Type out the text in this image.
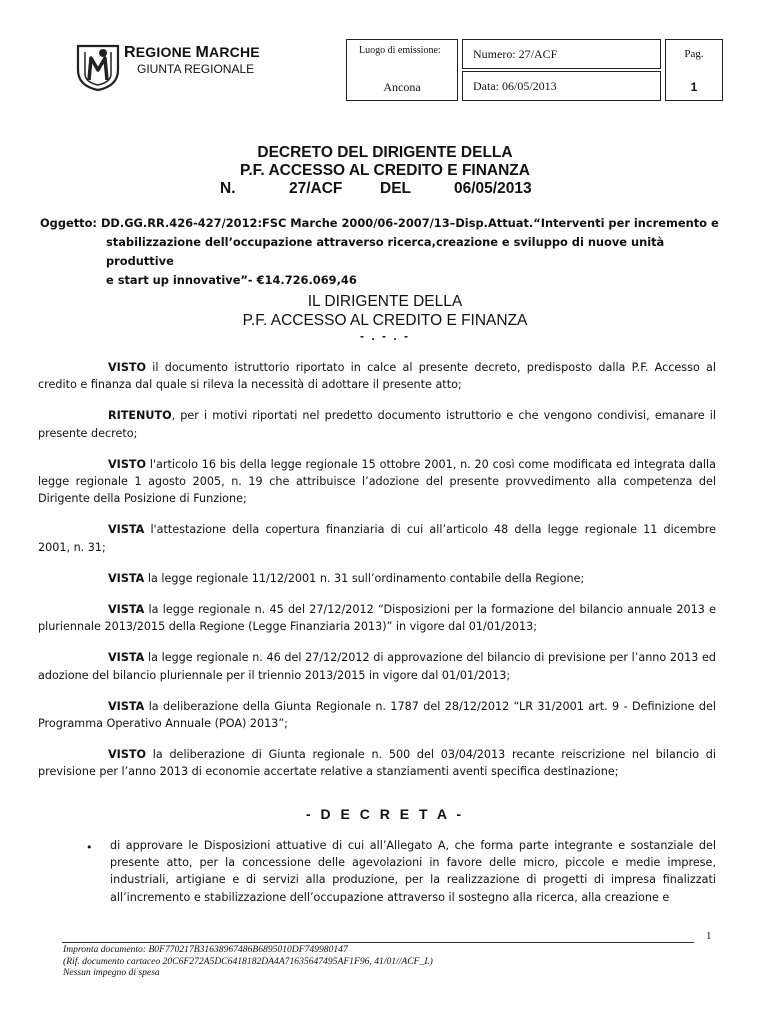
REGIONE MARCHE
GIUNTA REGIONALE
Luogo di emissione:
Ancona
Numero: 27/ACF
Data: 06/05/2013
Pag.
1
DECRETO DEL DIRIGENTE DELLA
P.F. ACCESSO AL CREDITO E FINANZA
N.	27/ACF DEL	06/05/2013
Oggetto: DD.GG.RR.426-427/2012:FSC Marche 2000/06-2007/13–Disp.Attuat.“Interventi per incremento e
stabilizzazione dell’occupazione attraverso ricerca,creazione e sviluppo di nuove unità produttive
e start up innovative”- €14.726.069,46
IL DIRIGENTE DELLA
P.F. ACCESSO AL CREDITO E FINANZA
- . - . -

VISTO il documento istruttorio riportato in calce al presente decreto, predisposto dalla P.F. Accesso al credito e finanza dal quale si rileva la necessità di adottare il presente atto;

RITENUTO, per i motivi riportati nel predetto documento istruttorio e che vengono condivisi, emanare il presente decreto;

VISTO l'articolo 16 bis della legge regionale 15 ottobre 2001, n. 20 così come modificata ed integrata dalla legge regionale 1 agosto 2005, n. 19 che attribuisce l’adozione del presente provvedimento alla competenza del Dirigente della Posizione di Funzione;

VISTA l'attestazione della copertura finanziaria di cui all’articolo 48 della legge regionale 11 dicembre 2001, n. 31;

VISTA la legge regionale 11/12/2001 n. 31 sull’ordinamento contabile della Regione;

VISTA la legge regionale n. 45 del 27/12/2012 “Disposizioni per la formazione del bilancio annuale 2013 e pluriennale 2013/2015 della Regione (Legge Finanziaria 2013)” in vigore dal 01/01/2013;

VISTA la legge regionale n. 46 del 27/12/2012 di approvazione del bilancio di previsione per l’anno 2013 ed adozione del bilancio pluriennale per il triennio 2013/2015 in vigore dal 01/01/2013;

VISTA la deliberazione della Giunta Regionale n. 1787 del 28/12/2012 “LR 31/2001 art. 9 - Definizione del Programma Operativo Annuale (POA) 2013”;

VISTO la deliberazione di Giunta regionale n. 500 del 03/04/2013 recante reiscrizione nel bilancio di previsione per l’anno 2013 di economie accertate relative a stanziamenti aventi specifica destinazione;

- D E C R E T A -
• di approvare le Disposizioni attuative di cui all’Allegato A, che forma parte integrante e sostanziale del presente atto, per la concessione delle agevolazioni in favore delle micro, piccole e medie imprese, industriali, artigiane e di servizi alla produzione, per la realizzazione di progetti di impresa finalizzati all’incremento e stabilizzazione dell’occupazione attraverso il sostegno alla ricerca, alla creazione e
1
Impronta documento: B0F770217B31638967486B6895010DF749980147
(Rif. documento cartaceo 20C6F272A5DC6418182DA4A71635647495AF1F96, 41/01//ACF_L)
Nessun impegno di spesa
